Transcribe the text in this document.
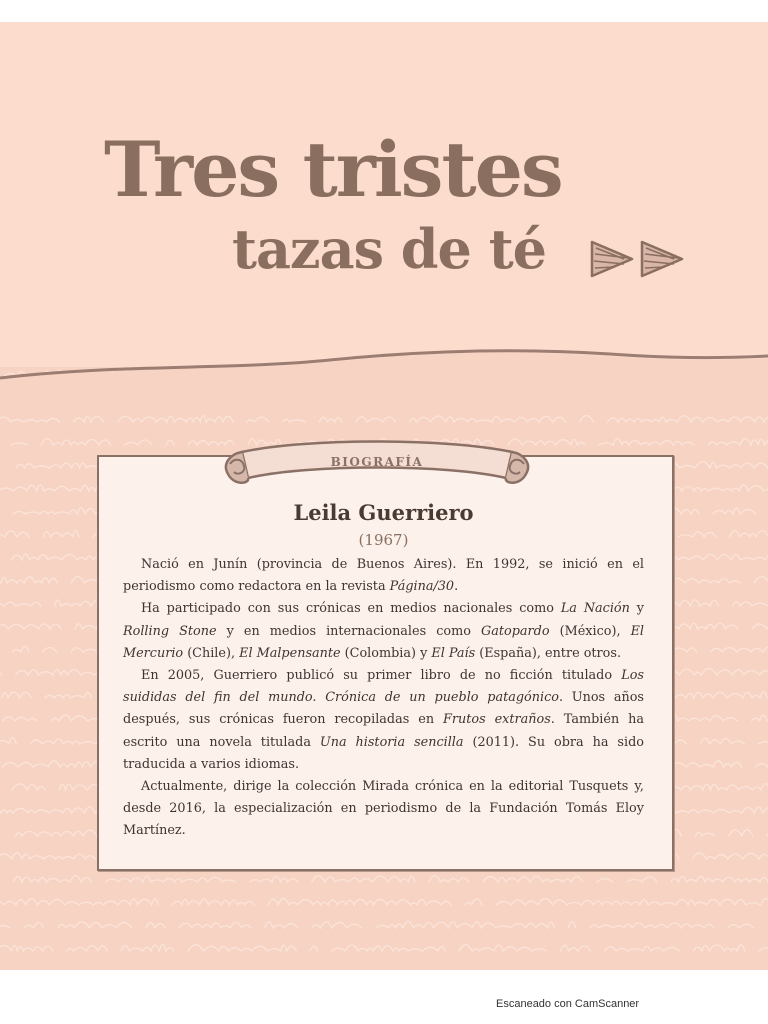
Tres tristes
tazas de té
BIOGRAFÍA
Leila Guerriero
(1967)

Nació en Junín (provincia de Buenos Aires). En 1992, se inició en el periodismo como redactora en la revista Página/30.

Ha participado con sus crónicas en medios nacionales como La Nación y Rolling Stone y en medios internacionales como Gatopardo (México), El Mercurio (Chile), El Malpensante (Colombia) y El País (España), entre otros.

En 2005, Guerriero publicó su primer libro de no ficción titulado Los suididas del fin del mundo. Crónica de un pueblo patagónico. Unos años después, sus crónicas fueron recopiladas en Frutos extraños. También ha escrito una novela titulada Una historia sencilla (2011). Su obra ha sido traducida a varios idiomas.

Actualmente, dirige la colección Mirada crónica en la editorial Tusquets y, desde 2016, la especialización en periodismo de la Fundación Tomás Eloy Martínez.

Escaneado con CamScanner
